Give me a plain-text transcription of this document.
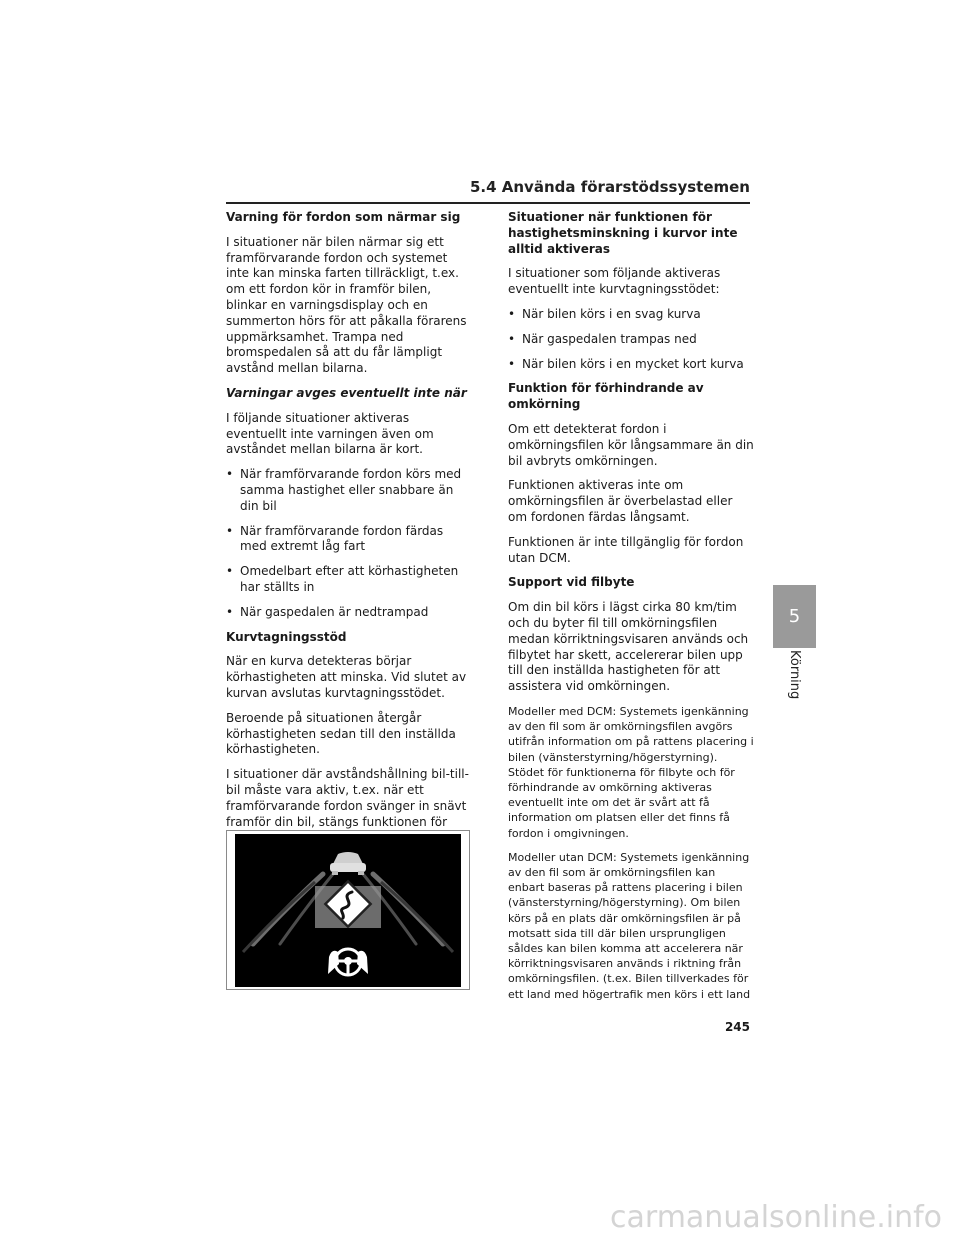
5.4 Använda förarstödssystemen
Varning för fordon som närmar sig

I situationer när bilen närmar sig ett framförvarande fordon och systemet inte kan minska farten tillräckligt, t.ex. om ett fordon kör in framför bilen, blinkar en varningsdisplay och en summerton hörs för att påkalla förarens uppmärksamhet. Trampa ned bromspedalen så att du får lämpligt avstånd mellan bilarna.

Varningar avges eventuellt inte när

I följande situationer aktiveras eventuellt inte varningen även om avståndet mellan bilarna är kort.

• När framförvarande fordon körs med samma hastighet eller snabbare än din bil
• När framförvarande fordon färdas med extremt låg fart
• Omedelbart efter att körhastigheten har ställts in
• När gaspedalen är nedtrampad
Kurvtagningsstöd

När en kurva detekteras börjar körhastigheten att minska. Vid slutet av kurvan avslutas kurvtagningsstödet.

Beroende på situationen återgår körhastigheten sedan till den inställda körhastigheten.

I situationer där avståndshållning bil-till-bil måste vara aktiv, t.ex. när ett framförvarande fordon svänger in snävt framför din bil, stängs funktionen för

Situationer när funktionen för hastighetsminskning i kurvor inte alltid aktiveras

I situationer som följande aktiveras eventuellt inte kurvtagningsstödet:

• När bilen körs i en svag kurva
• När gaspedalen trampas ned
• När bilen körs i en mycket kort kurva
Funktion för förhindrande av omkörning

Om ett detekterat fordon i omkörningsfilen kör långsammare än din bil avbryts omkörningen.

Funktionen aktiveras inte om omkörningsfilen är överbelastad eller om fordonen färdas långsamt.

Funktionen är inte tillgänglig för fordon utan DCM.

Support vid filbyte

Om din bil körs i lägst cirka 80 km/tim och du byter fil till omkörningsfilen medan körriktningsvisaren används och filbytet har skett, accelererar bilen upp till den inställda hastigheten för att assistera vid omkörningen.

Modeller med DCM: Systemets igenkänning av den fil som är omkörningsfilen avgörs utifrån information om på rattens placering i bilen (vänsterstyrning/högerstyrning). Stödet för funktionerna för filbyte och för förhindrande av omkörning aktiveras eventuellt inte om det är svårt att få information om platsen eller det finns få fordon i omgivningen.

Modeller utan DCM: Systemets igenkänning av den fil som är omkörningsfilen kan enbart baseras på rattens placering i bilen (vänsterstyrning/högerstyrning). Om bilen körs på en plats där omkörningsfilen är på motsatt sida till där bilen ursprungligen såldes kan bilen komma att accelerera när körriktningsvisaren används i riktning från omkörningsfilen. (t.ex. Bilen tillverkades för ett land med högertrafik men körs i ett land

5
Körning
245
carmanualsonline.info
